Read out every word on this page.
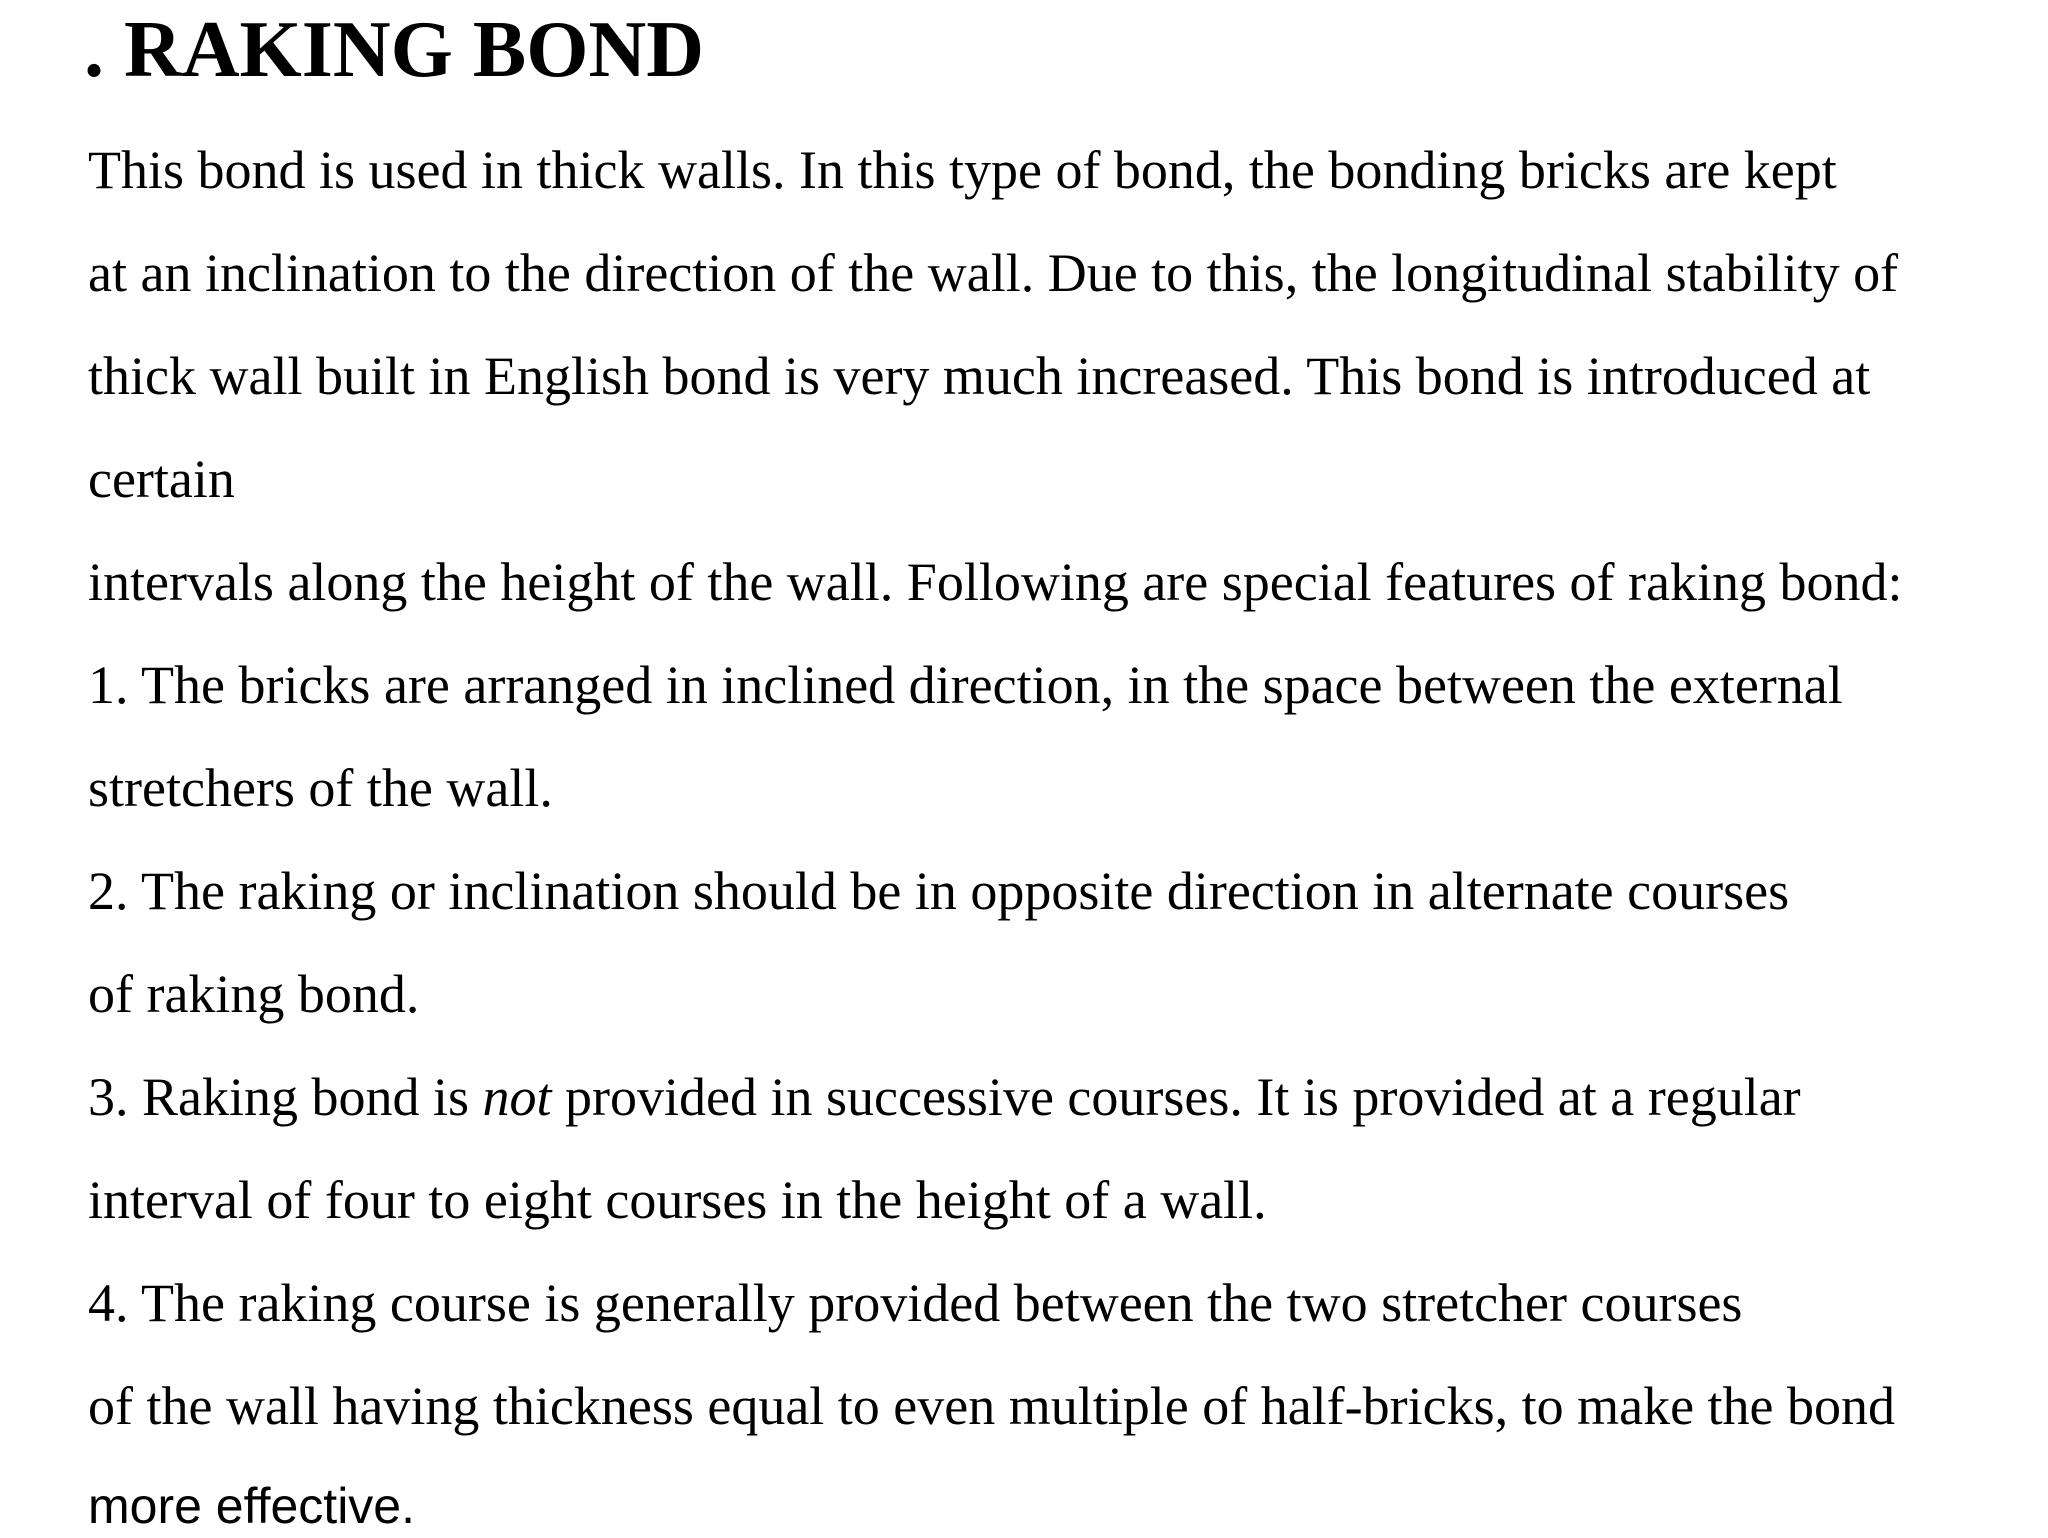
. RAKING BOND

This bond is used in thick walls. In this type of bond, the bonding bricks are kept

at an inclination to the direction of the wall. Due to this, the longitudinal stability of

thick wall built in English bond is very much increased. This bond is introduced at

certain

intervals along the height of the wall. Following are special features of raking bond:

1. The bricks are arranged in inclined direction, in the space between the external

stretchers of the wall.

2. The raking or inclination should be in opposite direction in alternate courses

of raking bond.

3. Raking bond is not provided in successive courses. It is provided at a regular

interval of four to eight courses in the height of a wall.

4. The raking course is generally provided between the two stretcher courses

of the wall having thickness equal to even multiple of half-bricks, to make the bond

more effective.
